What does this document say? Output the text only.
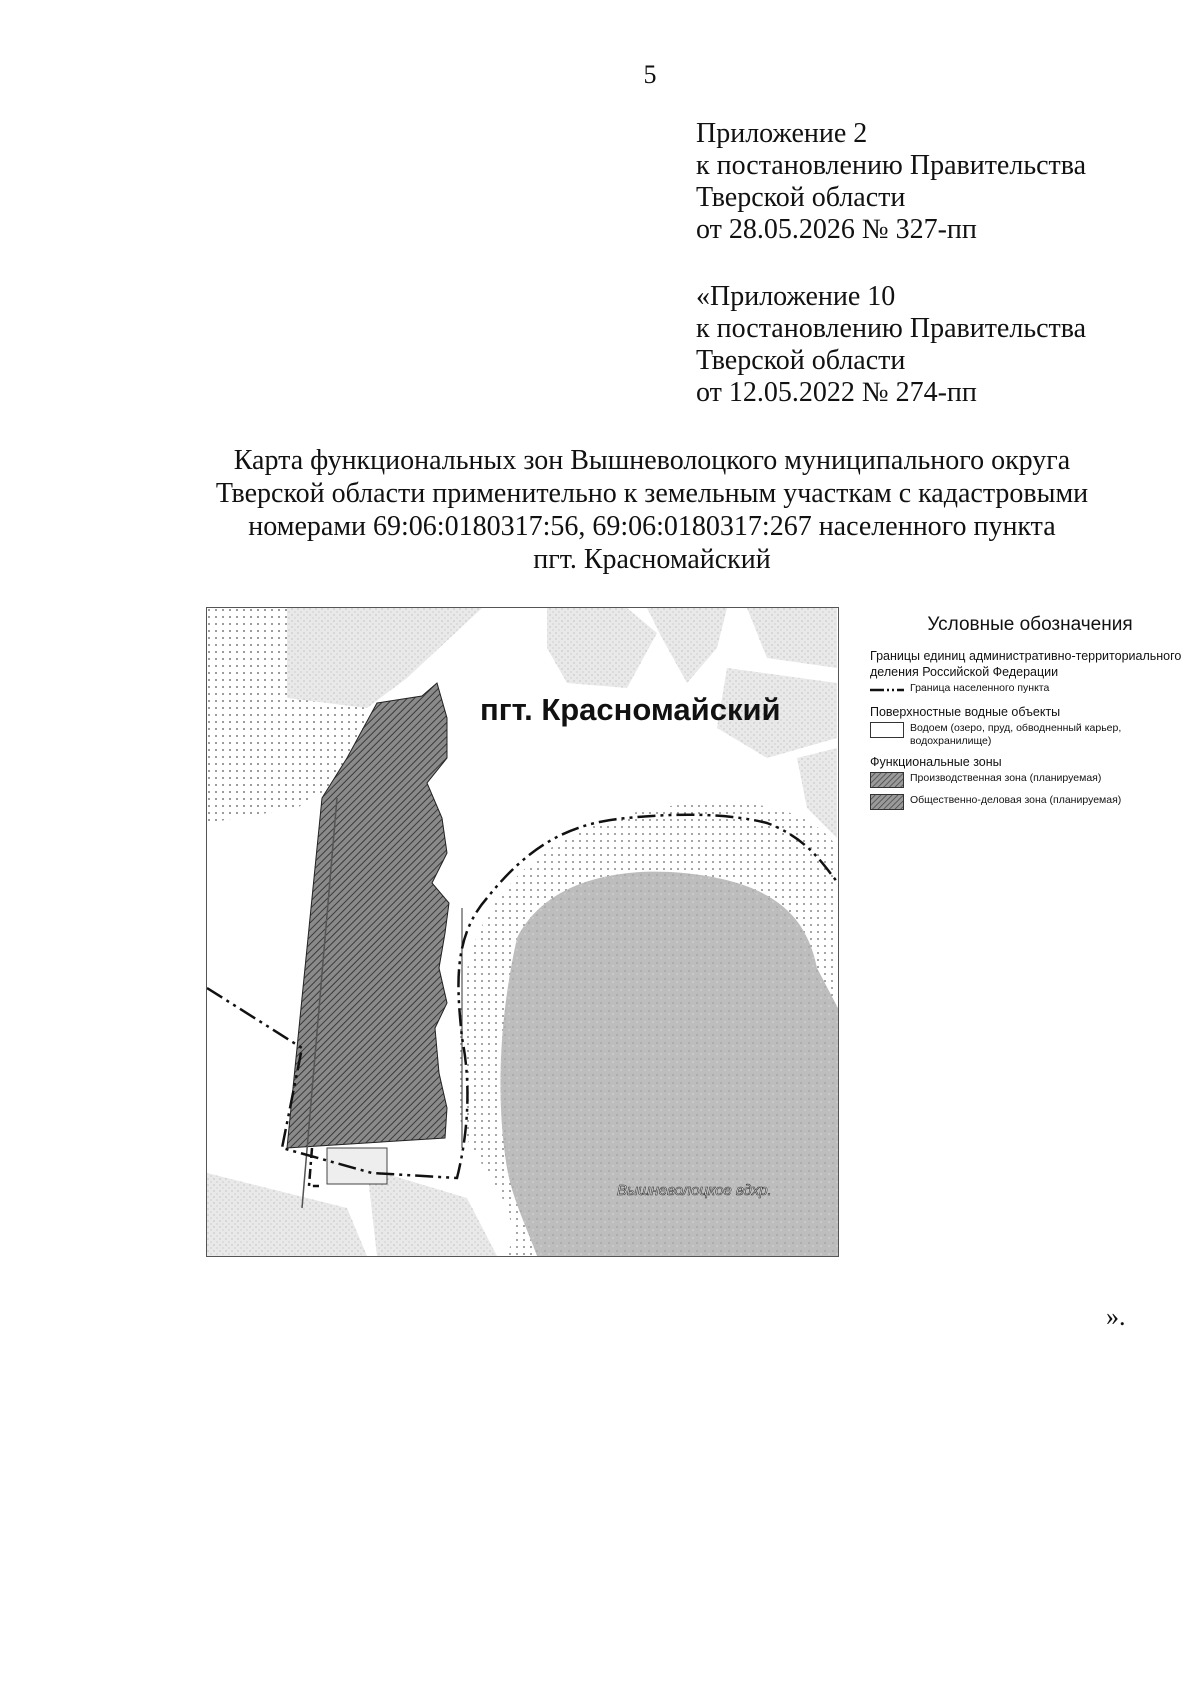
5
Приложение 2
к постановлению Правительства
Тверской области
от 28.05.2026 № 327-пп
«Приложение 10
к постановлению Правительства
Тверской области
от 12.05.2022 № 274-пп
Карта функциональных зон Вышневолоцкого муниципального округа
Тверской области применительно к земельным участкам с кадастровыми
номерами 69:06:0180317:56, 69:06:0180317:267 населенного пункта
пгт. Красномайский
пгт. Красномайский
Вышневолоцкое вдхр.
Условные обозначения
Границы единиц административно-территориального деления Российской Федерации
Граница населенного пункта
Поверхностные водные объекты
Водоем (озеро, пруд, обводненный карьер, водохранилище)
Функциональные зоны
Производственная зона (планируемая)
Общественно-деловая зона (планируемая)
».
